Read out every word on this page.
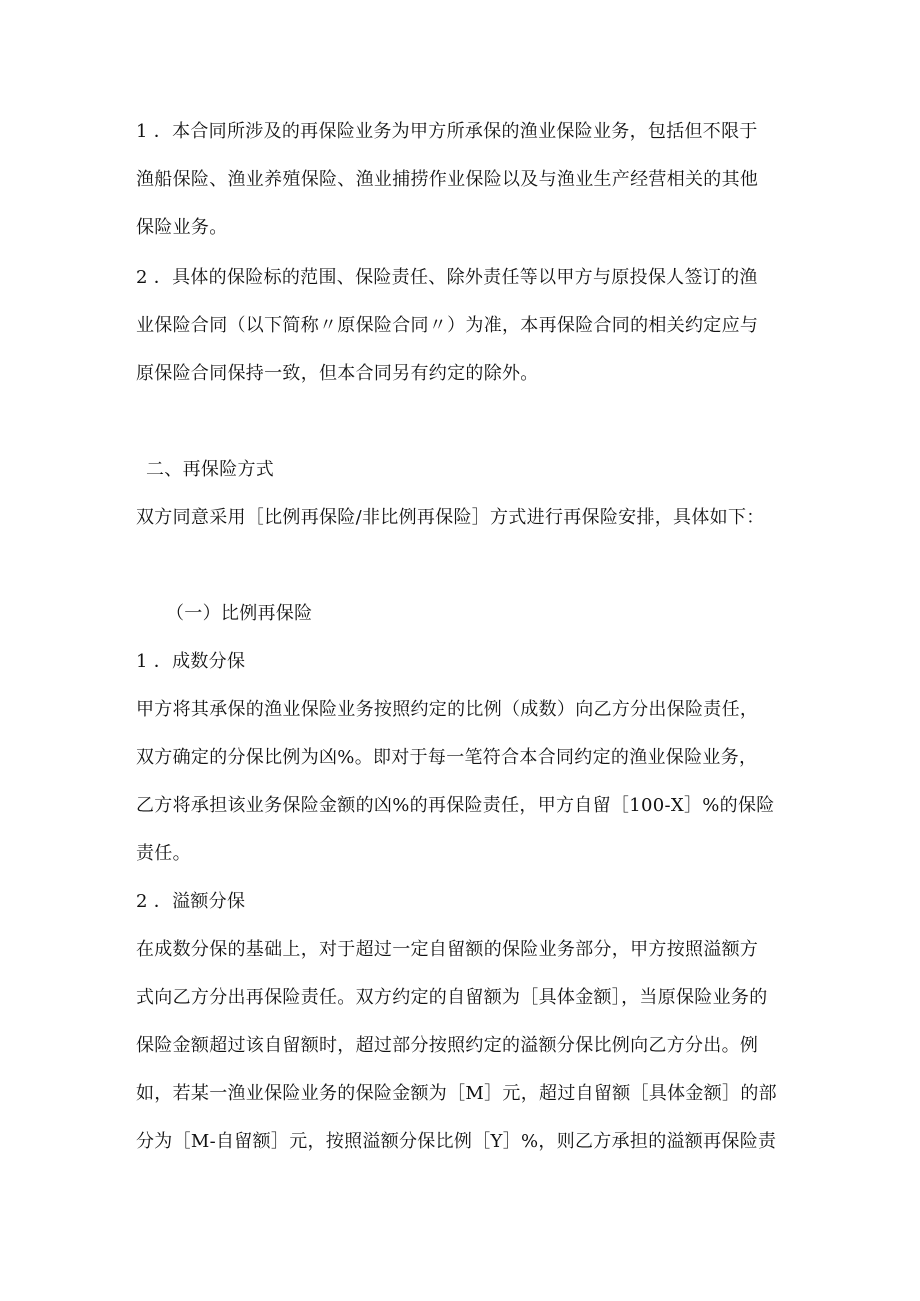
1 ．本合同所涉及的再保险业务为甲方所承保的渔业保险业务，包括但不限于
渔船保险、渔业养殖保险、渔业捕捞作业保险以及与渔业生产经营相关的其他
保险业务。
2 ．具体的保险标的范围、保险责任、除外责任等以甲方与原投保人签订的渔
业保险合同（以下简称〃原保险合同〃）为准，本再保险合同的相关约定应与
原保险合同保持一致，但本合同另有约定的除外。
二、再保险方式
双方同意采用［比例再保险/非比例再保险］方式进行再保险安排，具体如下：
（一）比例再保险
1 ．成数分保
甲方将其承保的渔业保险业务按照约定的比例（成数）向乙方分出保险责任，
双方确定的分保比例为凶%。即对于每一笔符合本合同约定的渔业保险业务，
乙方将承担该业务保险金额的凶%的再保险责任，甲方自留［100-X］%的保险
责任。
2 ．溢额分保
在成数分保的基础上，对于超过一定自留额的保险业务部分，甲方按照溢额方
式向乙方分出再保险责任。双方约定的自留额为［具体金额］，当原保险业务的
保险金额超过该自留额时，超过部分按照约定的溢额分保比例向乙方分出。例
如，若某一渔业保险业务的保险金额为［M］元，超过自留额［具体金额］的部
分为［M-自留额］元，按照溢额分保比例［Y］%，则乙方承担的溢额再保险责
